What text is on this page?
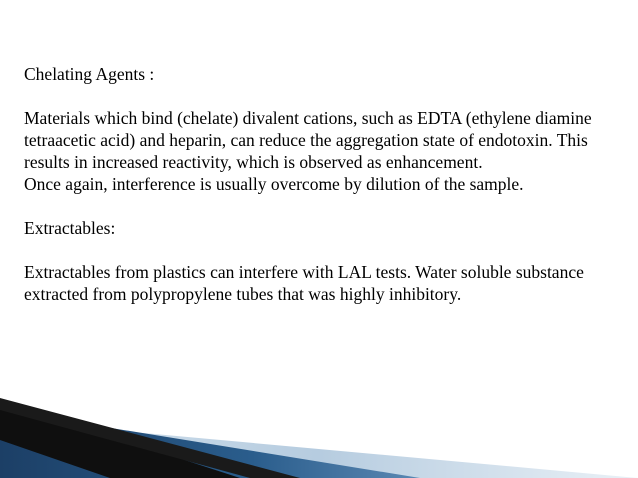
Chelating Agents :

Materials which bind (chelate) divalent cations, such as EDTA (ethylene diamine tetraacetic acid) and heparin, can reduce the aggregation state of endotoxin. This results in increased reactivity, which is observed as enhancement.

Once again, interference is usually overcome by dilution of the sample.

Extractables:

Extractables from plastics can interfere with LAL tests. Water soluble substance extracted from polypropylene tubes that was highly inhibitory.
